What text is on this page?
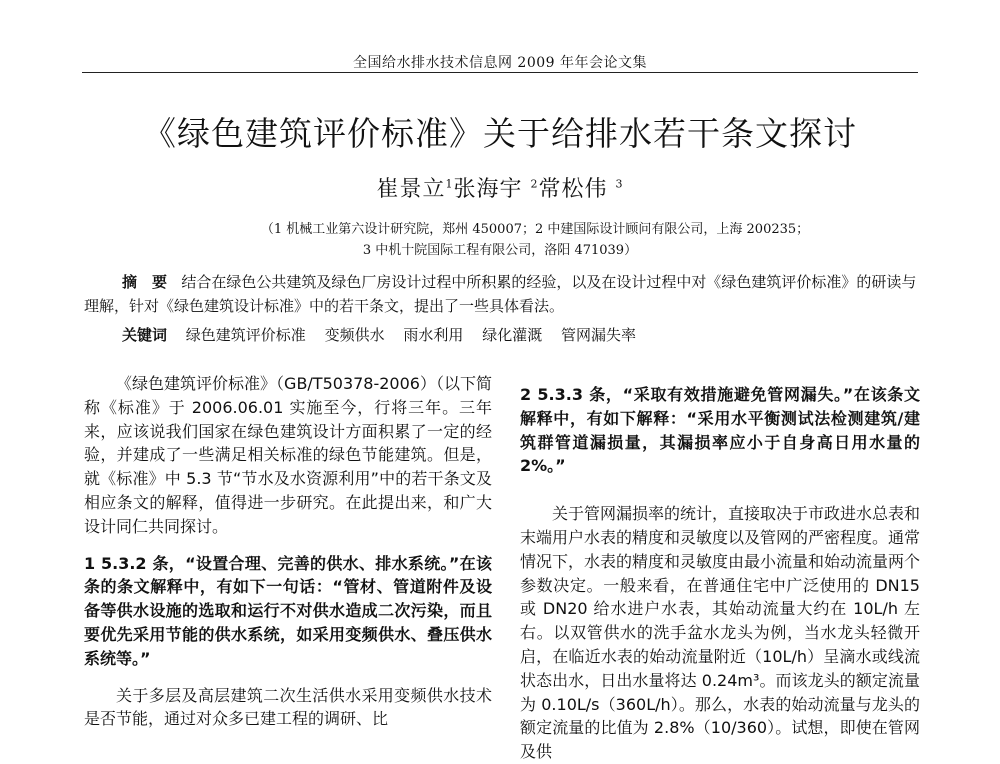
全国给水排水技术信息网 2009 年年会论文集
《绿色建筑评价标准》关于给排水若干条文探讨
崔景立$^1$张海宇 $^2$常松伟 $^3$
（1 机械工业第六设计研究院，郑州 450007；2 中建国际设计顾问有限公司，上海 200235；
3 中机十院国际工程有限公司，洛阳 471039）
摘　要 结合在绿色公共建筑及绿色厂房设计过程中所积累的经验，以及在设计过程中对《绿色建筑评价标准》的研读与理解，针对《绿色建筑设计标准》中的若干条文，提出了一些具体看法。
关键词 绿色建筑评价标准 变频供水 雨水利用 绿化灌溉 管网漏失率

《绿色建筑评价标准》（GB/T50378-2006）（以下简称《标准》于 2006.06.01 实施至今，行将三年。三年来，应该说我们国家在绿色建筑设计方面积累了一定的经验，并建成了一些满足相关标准的绿色节能建筑。但是，就《标准》中 5.3 节“节水及水资源利用”中的若干条文及相应条文的解释，值得进一步研究。在此提出来，和广大设计同仁共同探讨。

1 5.3.2 条，“设置合理、完善的供水、排水系统。”在该条的条文解释中，有如下一句话：“管材、管道附件及设备等供水设施的选取和运行不对供水造成二次污染，而且要优先采用节能的供水系统，如采用变频供水、叠压供水系统等。”

关于多层及高层建筑二次生活供水采用变频供水技术是否节能，通过对众多已建工程的调研、比

2 5.3.3 条，“采取有效措施避免管网漏失。”在该条文解释中，有如下解释：“采用水平衡测试法检测建筑/建筑群管道漏损量，其漏损率应小于自身高日用水量的 2%。”

关于管网漏损率的统计，直接取决于市政进水总表和末端用户水表的精度和灵敏度以及管网的严密程度。通常情况下，水表的精度和灵敏度由最小流量和始动流量两个参数决定。一般来看，在普通住宅中广泛使用的 DN15 或 DN20 给水进户水表，其始动流量大约在 10L/h 左右。以双管供水的洗手盆水龙头为例，当水龙头轻微开启，在临近水表的始动流量附近（10L/h）呈滴水或线流状态出水，日出水量将达 0.24m³。而该龙头的额定流量为 0.10L/s（360L/h）。那么，水表的始动流量与龙头的额定流量的比值为 2.8%（10/360）。试想，即使在管网及供
